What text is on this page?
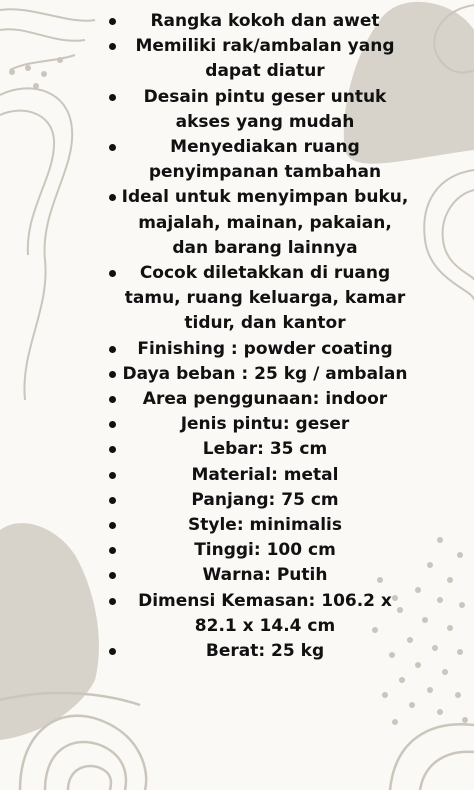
Rangka kokoh dan awet
Memiliki rak/ambalan yang dapat diatur
Desain pintu geser untuk akses yang mudah
Menyediakan ruang penyimpanan tambahan
Ideal untuk menyimpan buku, majalah, mainan, pakaian, dan barang lainnya
Cocok diletakkan di ruang tamu, ruang keluarga, kamar tidur, dan kantor
Finishing : powder coating
Daya beban : 25 kg / ambalan
Area penggunaan: indoor
Jenis pintu: geser
Lebar: 35 cm
Material: metal
Panjang: 75 cm
Style: minimalis
Tinggi: 100 cm
Warna: Putih
Dimensi Kemasan: 106.2 x 82.1 x 14.4 cm
Berat: 25 kg
